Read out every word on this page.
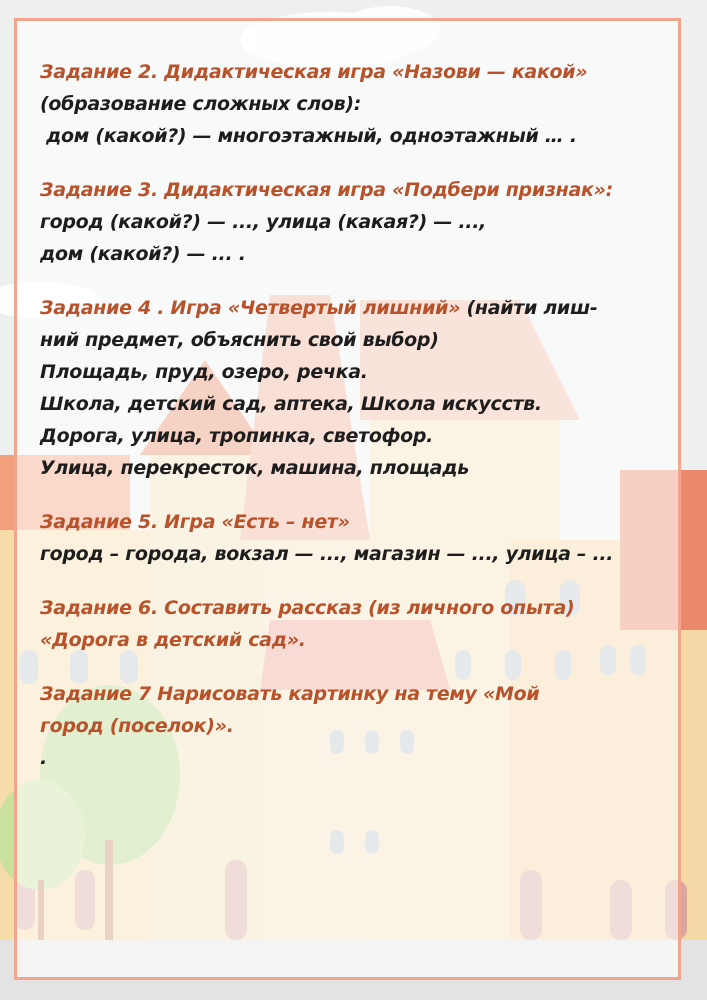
Задание 2. Дидактическая игра «Назови — какой»
(образование сложных слов):
дом (какой?) — многоэтажный, одноэтажный … .
Задание 3. Дидактическая игра «Подбери признак»:
город (какой?) — ..., улица (какая?) — ...,
дом (какой?) — ... .
Задание 4 . Игра «Четвертый лишний» (найти лиш-
ний предмет, объяснить свой выбор)
Площадь, пруд, озеро, речка.
Школа, детский сад, аптека, Школа искусств.
Дорога, улица, тропинка, светофор.
Улица, перекресток, машина, площадь
Задание 5. Игра «Есть – нет»
город – города, вокзал — ..., магазин — ..., улица – ...
Задание 6. Составить рассказ (из личного опыта)
«Дорога в детский сад».
Задание 7 Нарисовать картинку на тему «Мой
город (поселок)».
.
